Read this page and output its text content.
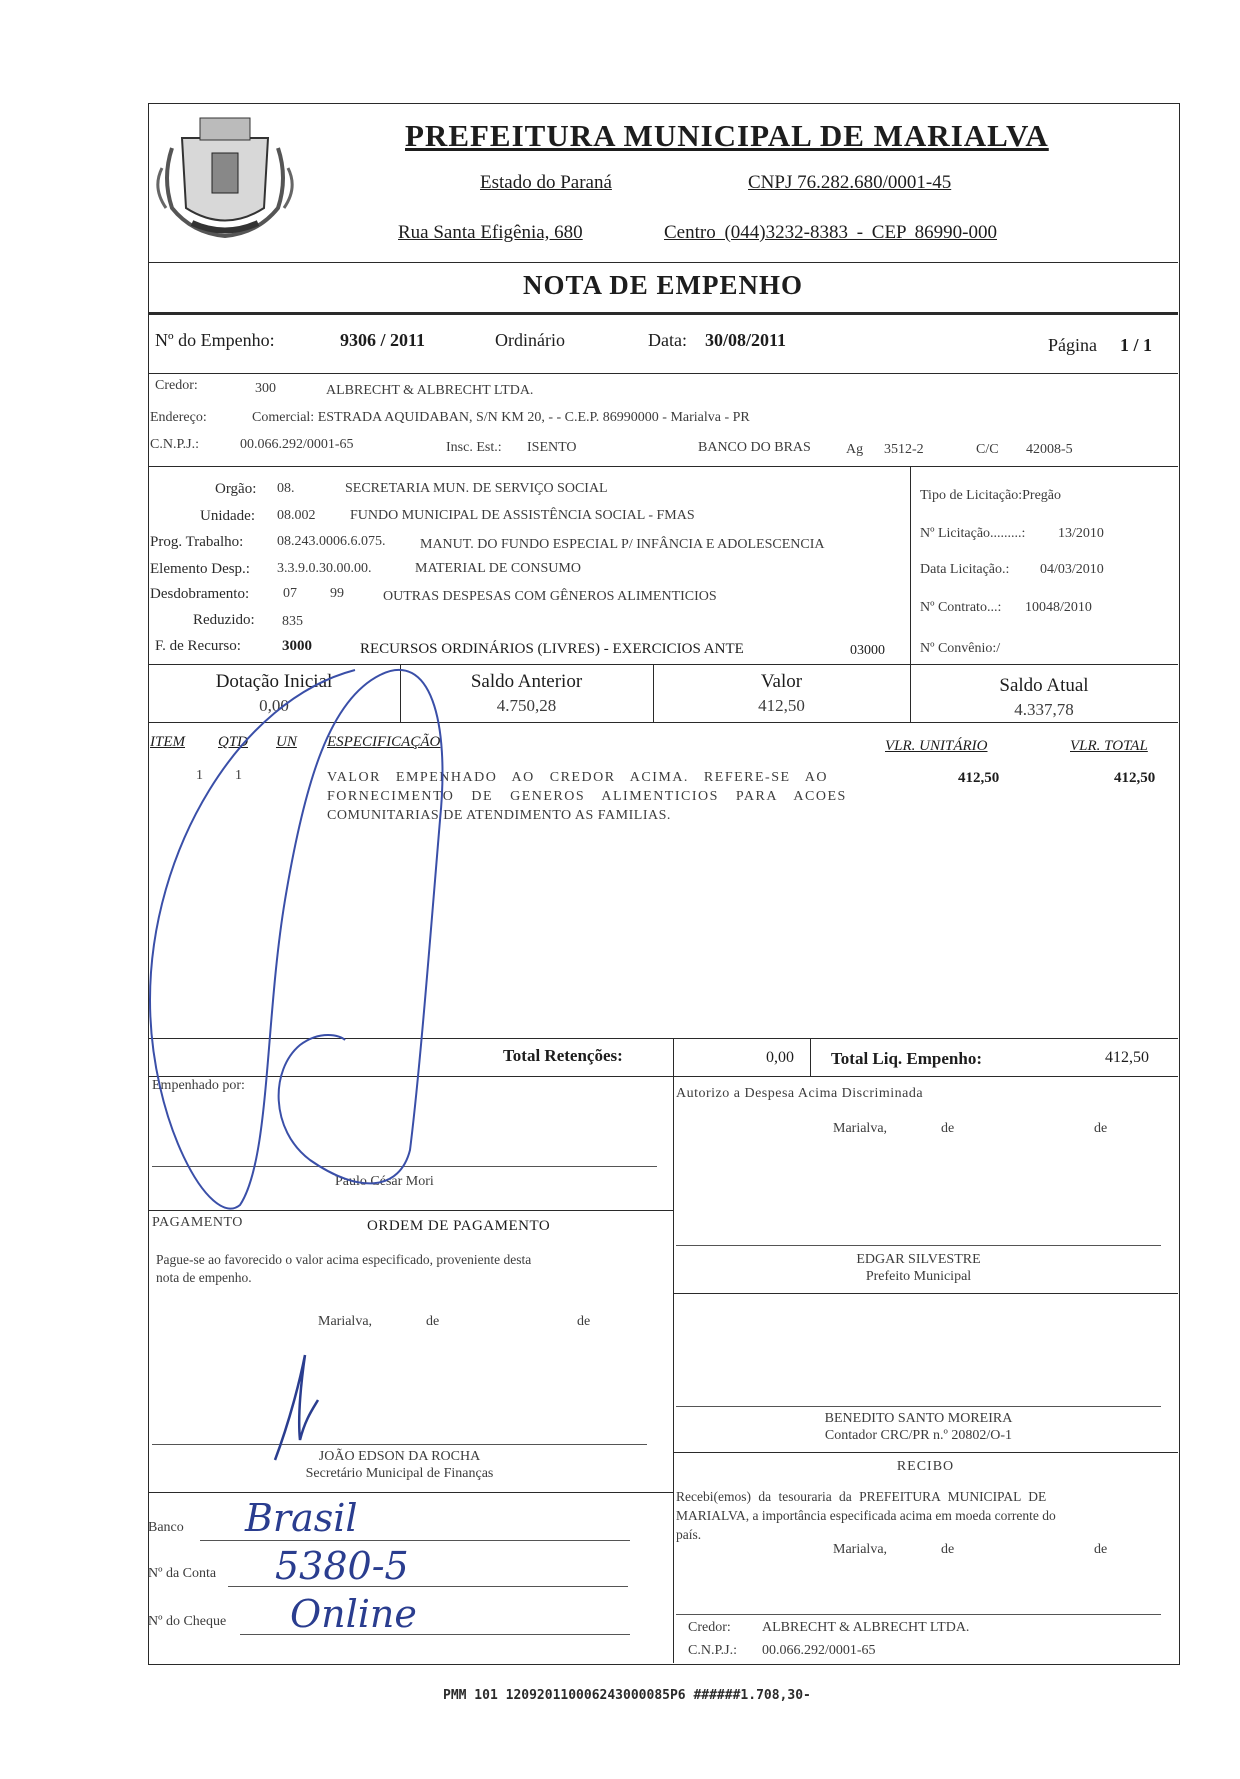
PREFEITURA MUNICIPAL DE MARIALVA
Estado do Paraná	CNPJ 76.282.680/0001-45
Rua Santa Efigênia, 680	Centro (044)3232-8383 - CEP 86990-000
NOTA DE EMPENHO
Nº do Empenho:	9306 / 2011	Ordinário	Data: 30/08/2011	Página 1 / 1
Credor:	300	ALBRECHT & ALBRECHT LTDA.
Endereço:	Comercial: ESTRADA AQUIDABAN, S/N KM 20, - - C.E.P. 86990000 - Marialva - PR
C.N.P.J.:	00.066.292/0001-65	Insc. Est.: ISENTO	BANCO DO BRAS	Ag 3512-2	C/C 42008-5
Orgão: 08.	SECRETARIA MUN. DE SERVIÇO SOCIAL
Unidade: 08.002 FUNDO MUNICIPAL DE ASSISTÊNCIA SOCIAL - FMAS
Prog. Trabalho: 08.243.0006.6.075. MANUT. DO FUNDO ESPECIAL P/ INFÂNCIA E ADOLESCENCIA
Elemento Desp.: 3.3.9.0.30.00.00.	MATERIAL DE CONSUMO
Desdobramento: 07 99	OUTRAS DESPESAS COM GÊNEROS ALIMENTICIOS
Reduzido: 835
F. de Recurso:	3000	RECURSOS ORDINÁRIOS (LIVRES) - EXERCICIOS ANTE	03000
Tipo de Licitação:Pregão
Nº Licitação.........: 13/2010
Data Licitação.: 04/03/2010
Nº Contrato...: 10048/2010
Nº Convênio:/
Dotação Inicial
0,00
Saldo Anterior
4.750,28
Valor
412,50
Saldo Atual
4.337,78
ITEM QTD UN ESPECIFICAÇÃO	VLR. UNITÁRIO	VLR. TOTAL
1 1	VALOR EMPENHADO AO CREDOR ACIMA. REFERE-SE AO
FORNECIMENTO DE GENEROS ALIMENTICIOS PARA ACOES
COMUNITARIAS DE ATENDIMENTO AS FAMILIAS.
412,50	412,50
Total Retenções:	0,00 Total Liq. Empenho:	412,50
Empenhado por:
Paulo César Mori
Autorizo a Despesa Acima Discriminada
Marialva,	de	de
EDGAR SILVESTRE
Prefeito Municipal
PAGAMENTO	ORDEM DE PAGAMENTO
Pague-se ao favorecido o valor acima especificado, proveniente desta
nota de empenho.
Marialva,	de	de
JOÃO EDSON DA ROCHA
Secretário Municipal de Finanças
BENEDITO SANTO MOREIRA
Contador CRC/PR n.º 20802/O-1
RECIBO
Recebi(emos) da tesouraria da PREFEITURA MUNICIPAL DE
MARIALVA, a importância especificada acima em moeda corrente do
país.
Marialva,	de	de
Credor: ALBRECHT & ALBRECHT LTDA.
C.N.P.J.: 00.066.292/0001-65
Banco Brasil
Nº da Conta 5380-5
Nº do Cheque Online
PMM 101 120920110006243000085P6 ######1.708,30-
